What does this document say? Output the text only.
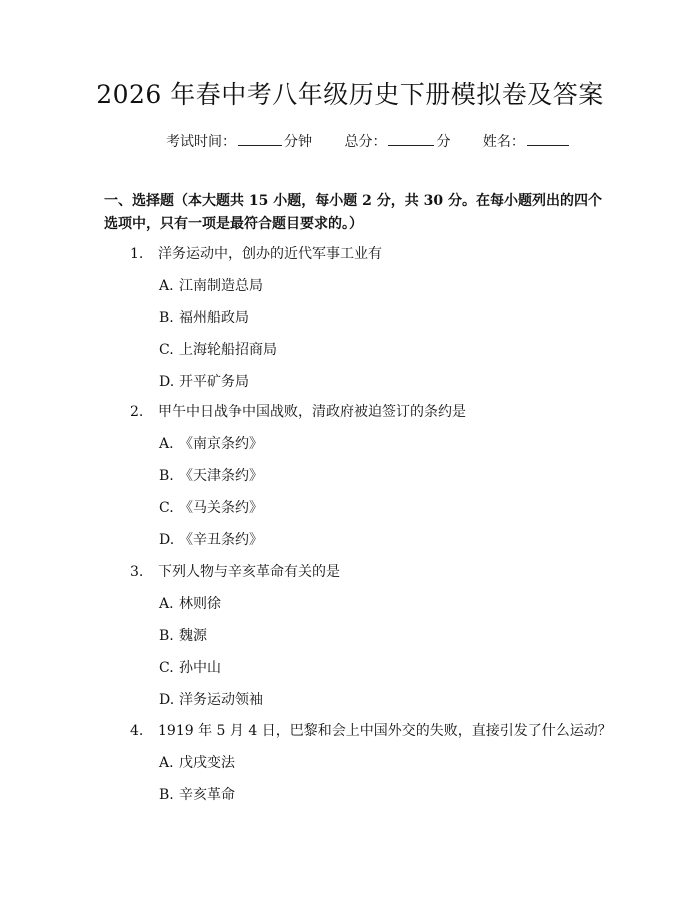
2026 年春中考八年级历史下册模拟卷及答案
考试时间：	分钟 总分：	分 姓名：
一、选择题（本大题共 15 小题，每小题 2 分，共 30 分。在每小题列出的四个选项中，只有一项是最符合题目要求的。）
1. 洋务运动中，创办的近代军事工业有
A. 江南制造总局
B. 福州船政局
C. 上海轮船招商局
D. 开平矿务局
2. 甲午中日战争中国战败，清政府被迫签订的条约是
A. 《南京条约》
B. 《天津条约》
C. 《马关条约》
D. 《辛丑条约》
3. 下列人物与辛亥革命有关的是
A. 林则徐
B. 魏源
C. 孙中山
D. 洋务运动领袖
4. 1919 年 5 月 4 日，巴黎和会上中国外交的失败，直接引发了什么运动？
A. 戊戌变法
B. 辛亥革命
